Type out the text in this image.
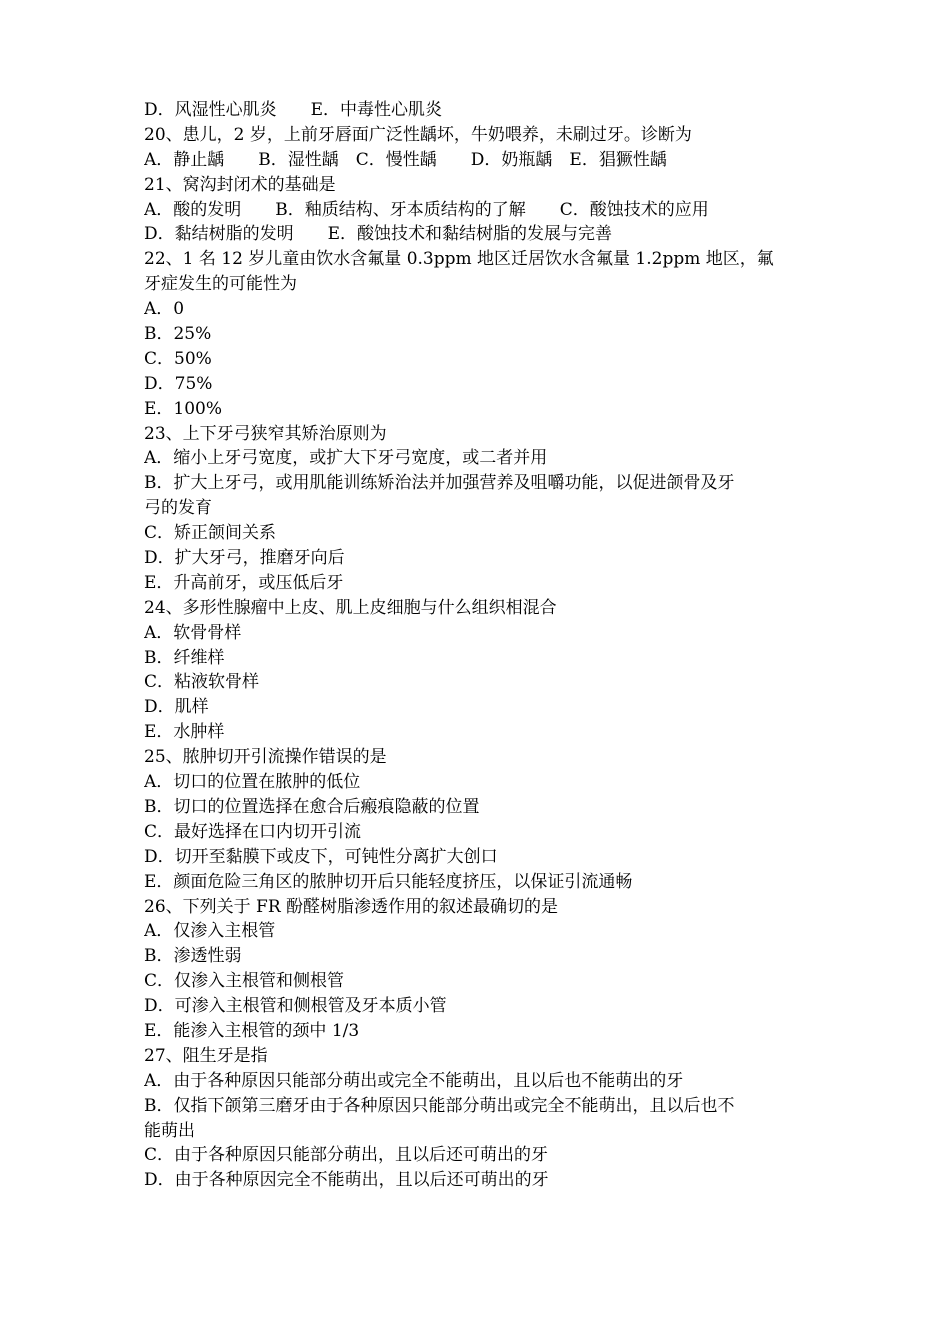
D．风湿性心肌炎　　E．中毒性心肌炎
20、患儿，2 岁，上前牙唇面广泛性龋坏，牛奶喂养，未刷过牙。诊断为
A．静止龋　　B．湿性龋　C．慢性龋　　D．奶瓶龋　E．猖獗性龋
21、窝沟封闭术的基础是
A．酸的发明　　B．釉质结构、牙本质结构的了解　　C．酸蚀技术的应用
D．黏结树脂的发明　　E．酸蚀技术和黏结树脂的发展与完善
22、1 名 12 岁儿童由饮水含氟量 0.3ppm 地区迁居饮水含氟量 1.2ppm 地区，氟
牙症发生的可能性为
A．0
B．25%
C．50%
D．75%
E．100%
23、上下牙弓狭窄其矫治原则为
A．缩小上牙弓宽度，或扩大下牙弓宽度，或二者并用
B．扩大上牙弓，或用肌能训练矫治法并加强营养及咀嚼功能，以促进颌骨及牙
弓的发育
C．矫正颌间关系
D．扩大牙弓，推磨牙向后
E．升高前牙，或压低后牙
24、多形性腺瘤中上皮、肌上皮细胞与什么组织相混合
A．软骨骨样
B．纤维样
C．粘液软骨样
D．肌样
E．水肿样
25、脓肿切开引流操作错误的是
A．切口的位置在脓肿的低位
B．切口的位置选择在愈合后瘢痕隐蔽的位置
C．最好选择在口内切开引流
D．切开至黏膜下或皮下，可钝性分离扩大创口
E．颜面危险三角区的脓肿切开后只能轻度挤压，以保证引流通畅
26、下列关于 FR 酚醛树脂渗透作用的叙述最确切的是
A．仅渗入主根管
B．渗透性弱
C．仅渗入主根管和侧根管
D．可渗入主根管和侧根管及牙本质小管
E．能渗入主根管的颈中 1/3
27、阻生牙是指
A．由于各种原因只能部分萌出或完全不能萌出，且以后也不能萌出的牙
B．仅指下颌第三磨牙由于各种原因只能部分萌出或完全不能萌出，且以后也不
能萌出
C．由于各种原因只能部分萌出，且以后还可萌出的牙
D．由于各种原因完全不能萌出，且以后还可萌出的牙
